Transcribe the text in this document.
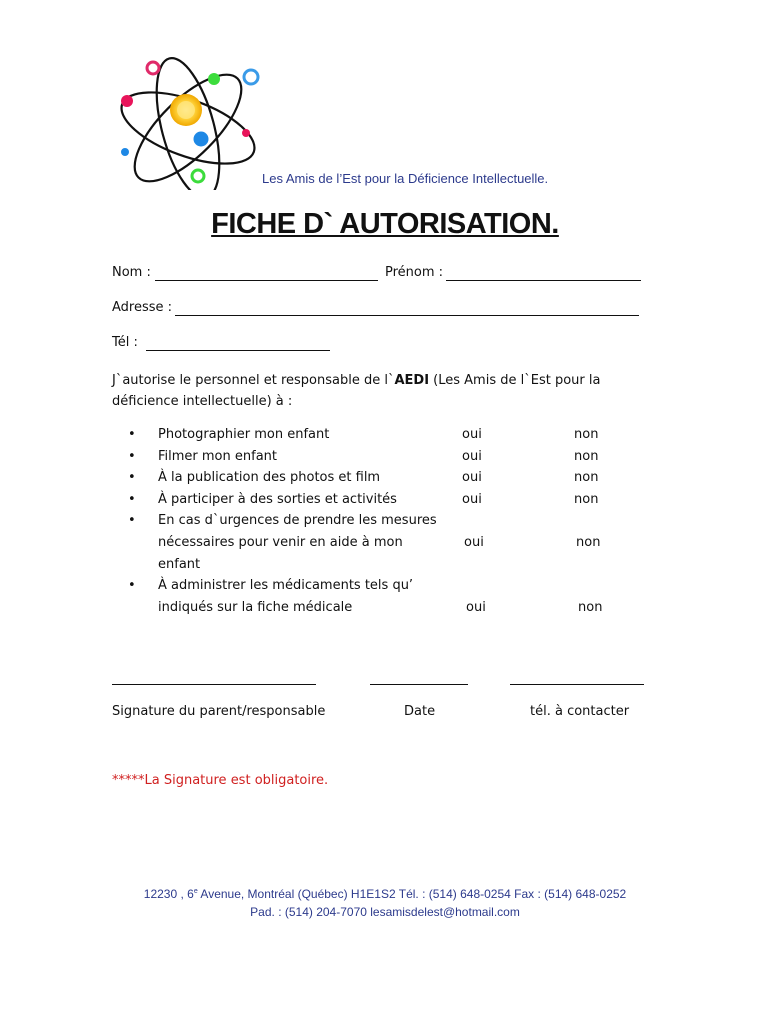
Les Amis de l’Est pour la Déficience Intellectuelle.
FICHE D` AUTORISATION.
Nom :	Prénom :
Adresse :
Tél :
J`autorise le personnel et responsable de l`AEDI (Les Amis de l`Est pour la déficience intellectuelle) à :
• Photographier mon enfant	oui	non
• Filmer mon enfant	oui	non
• À la publication des photos et film	oui	non
• À participer à des sorties et activités	oui	non
• En cas d`urgences de prendre les mesures nécessaires pour venir en aide à mon enfant
oui	non
• À administrer les médicaments tels qu’ indiqués sur la fiche médicale	oui	non
Signature du parent/responsable	Date	tél. à contacter
*****La Signature est obligatoire.
12230 , 6e Avenue, Montréal (Québec) H1E1S2 Tél. : (514) 648-0254 Fax : (514) 648-0252
Pad. : (514) 204-7070 lesamisdelest@hotmail.com
